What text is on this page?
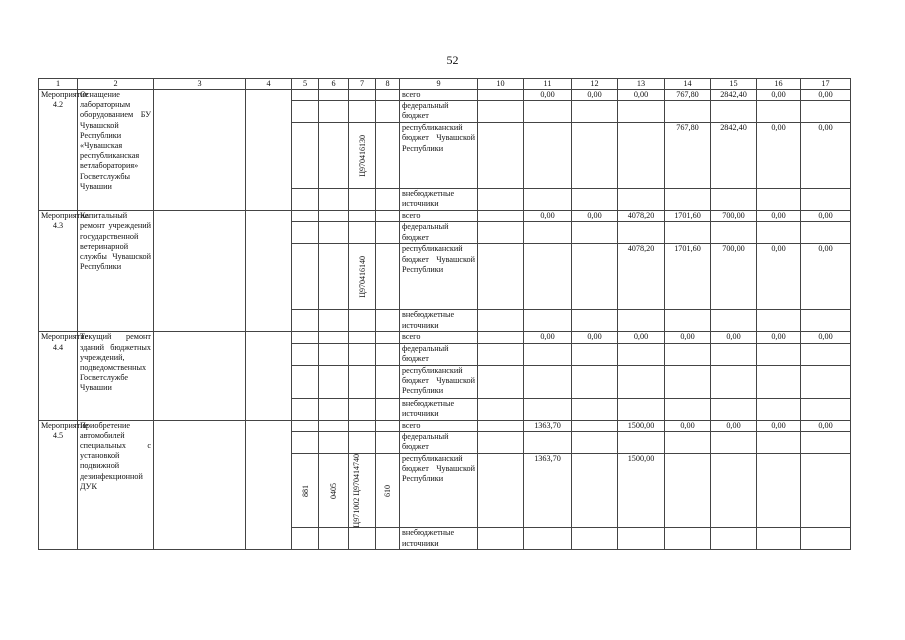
52
1	2	3	4	5	6	7	8	9	10	11	12	13	14	15	16	17
Мероприятие 4.2	Оснащение лабораторным оборудованием БУ Чувашской Республики «Чувашская республиканская ветлаборатория» Госветслужбы Чувашии							всего		0,00	0,00	0,00	767,80	2842,40	0,00	0,00
								федеральный бюджет								

						Ц970416130		республиканский бюджет Чувашской Республики					767,80	2842,40	0,00	0,00
								внебюджетные источники								
Мероприятие 4.3	Капитальный ремонт учреждений государственной ветеринарной службы Чувашской Республики							всего		0,00	0,00	4078,20	1701,60	700,00	0,00	0,00
								федеральный бюджет								

						Ц970416140		республиканский бюджет Чувашской Республики				4078,20	1701,60	700,00	0,00	0,00
								внебюджетные источники								
Мероприятие 4.4	Текущий ремонт зданий бюджетных учреждений, подведомственных Госветслужбе Чувашии							всего		0,00	0,00	0,00	0,00	0,00	0,00	0,00
								федеральный бюджет								
								республиканский бюджет Чувашской Республики								
								внебюджетные источники								
Мероприятие 4.5	Приобретение автомобилей специальных с установкой подвижной дезинфекционной ДУК							всего		1363,70		1500,00	0,00	0,00	0,00	0,00
								федеральный бюджет								

				881	0405	Ц971002 Ц970414740	610	республиканский бюджет Чувашской Республики		1363,70		1500,00				
								внебюджетные источники								
